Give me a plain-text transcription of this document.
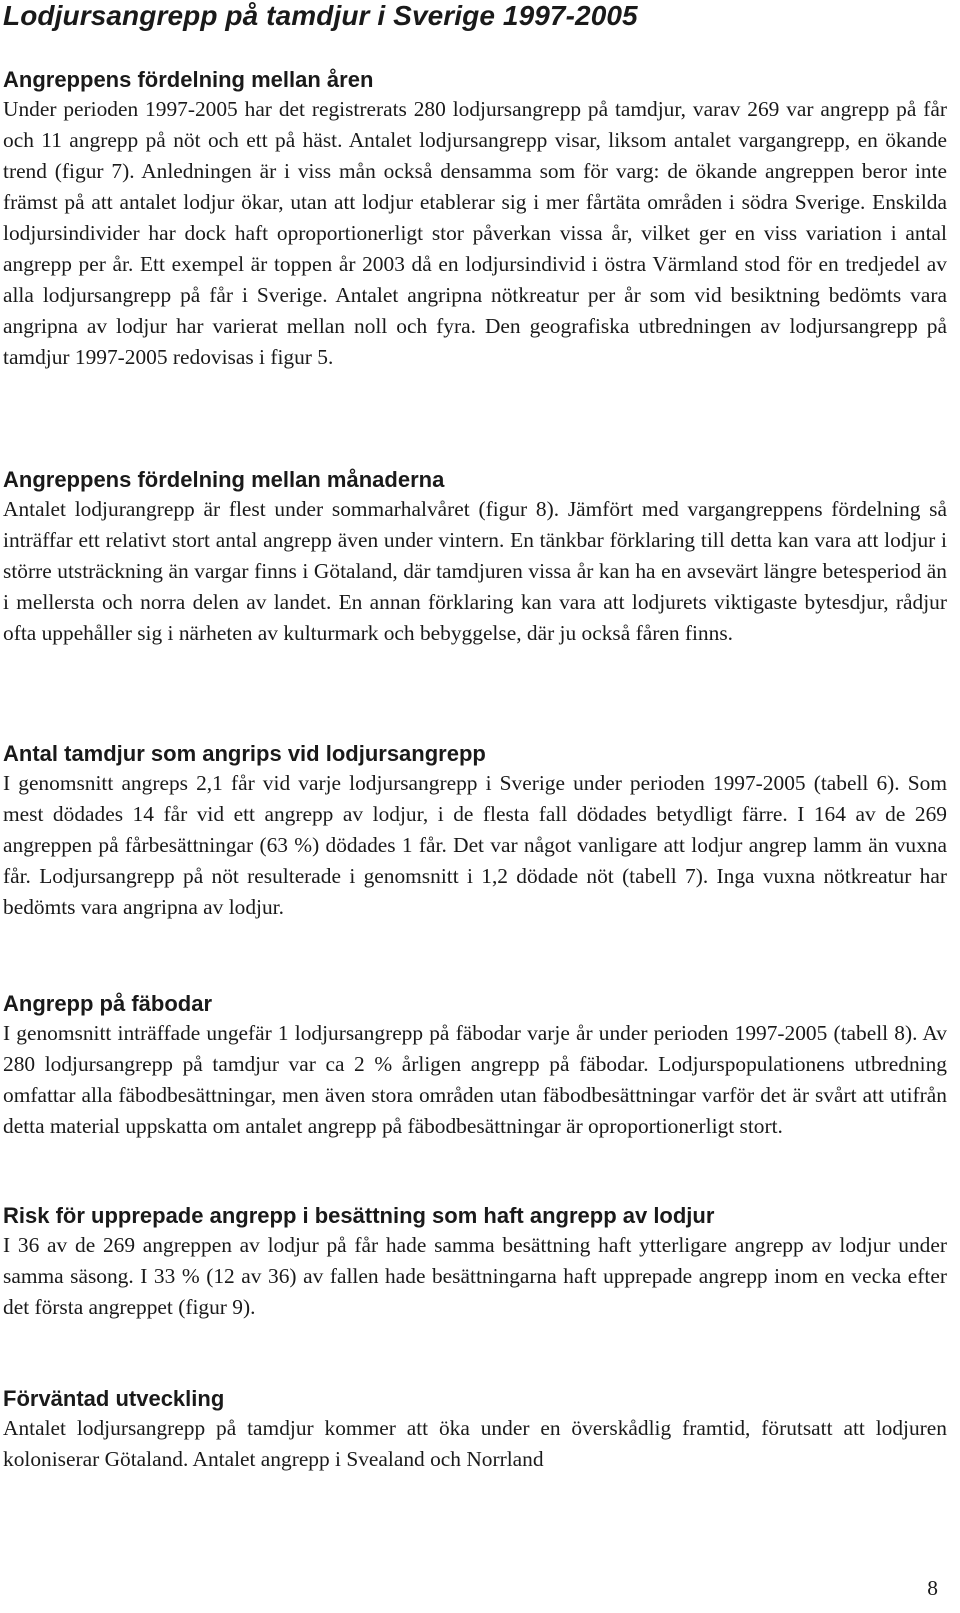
Lodjursangrepp på tamdjur i Sverige 1997-2005
Angreppens fördelning mellan åren

Under perioden 1997-2005 har det registrerats 280 lodjursangrepp på tamdjur, varav 269 var angrepp på får och 11 angrepp på nöt och ett på häst. Antalet lodjursangrepp visar, liksom antalet vargangrepp, en ökande trend (figur 7). Anledningen är i viss mån också densamma som för varg: de ökande angreppen beror inte främst på att antalet lodjur ökar, utan att lodjur etablerar sig i mer fårtäta områden i södra Sverige. Enskilda lodjursindivider har dock haft oproportionerligt stor påverkan vissa år, vilket ger en viss variation i antal angrepp per år. Ett exempel är toppen år 2003 då en lodjursindivid i östra Värmland stod för en tredjedel av alla lodjursangrepp på får i Sverige. Antalet angripna nötkreatur per år som vid besiktning bedömts vara angripna av lodjur har varierat mellan noll och fyra. Den geografiska utbredningen av lodjursangrepp på tamdjur 1997-2005 redovisas i figur 5.

Angreppens fördelning mellan månaderna

Antalet lodjurangrepp är flest under sommarhalvåret (figur 8). Jämfört med vargangreppens fördelning så inträffar ett relativt stort antal angrepp även under vintern. En tänkbar förklaring till detta kan vara att lodjur i större utsträckning än vargar finns i Götaland, där tamdjuren vissa år kan ha en avsevärt längre betesperiod än i mellersta och norra delen av landet. En annan förklaring kan vara att lodjurets viktigaste bytesdjur, rådjur ofta uppehåller sig i närheten av kulturmark och bebyggelse, där ju också fåren finns.

Antal tamdjur som angrips vid lodjursangrepp

I genomsnitt angreps 2,1 får vid varje lodjursangrepp i Sverige under perioden 1997-2005 (tabell 6). Som mest dödades 14 får vid ett angrepp av lodjur, i de flesta fall dödades betydligt färre. I 164 av de 269 angreppen på fårbesättningar (63 %) dödades 1 får. Det var något vanligare att lodjur angrep lamm än vuxna får. Lodjursangrepp på nöt resulterade i genomsnitt i 1,2 dödade nöt (tabell 7). Inga vuxna nötkreatur har bedömts vara angripna av lodjur.

Angrepp på fäbodar

I genomsnitt inträffade ungefär 1 lodjursangrepp på fäbodar varje år under perioden 1997-2005 (tabell 8). Av 280 lodjursangrepp på tamdjur var ca 2 % årligen angrepp på fäbodar. Lodjurspopulationens utbredning omfattar alla fäbodbesättningar, men även stora områden utan fäbodbesättningar varför det är svårt att utifrån detta material uppskatta om antalet angrepp på fäbodbesättningar är oproportionerligt stort.

Risk för upprepade angrepp i besättning som haft angrepp av lodjur

I 36 av de 269 angreppen av lodjur på får hade samma besättning haft ytterligare angrepp av lodjur under samma säsong. I 33 % (12 av 36) av fallen hade besättningarna haft upprepade angrepp inom en vecka efter det första angreppet (figur 9).

Förväntad utveckling

Antalet lodjursangrepp på tamdjur kommer att öka under en överskådlig framtid, förutsatt att lodjuren koloniserar Götaland. Antalet angrepp i Svealand och Norrland

8
